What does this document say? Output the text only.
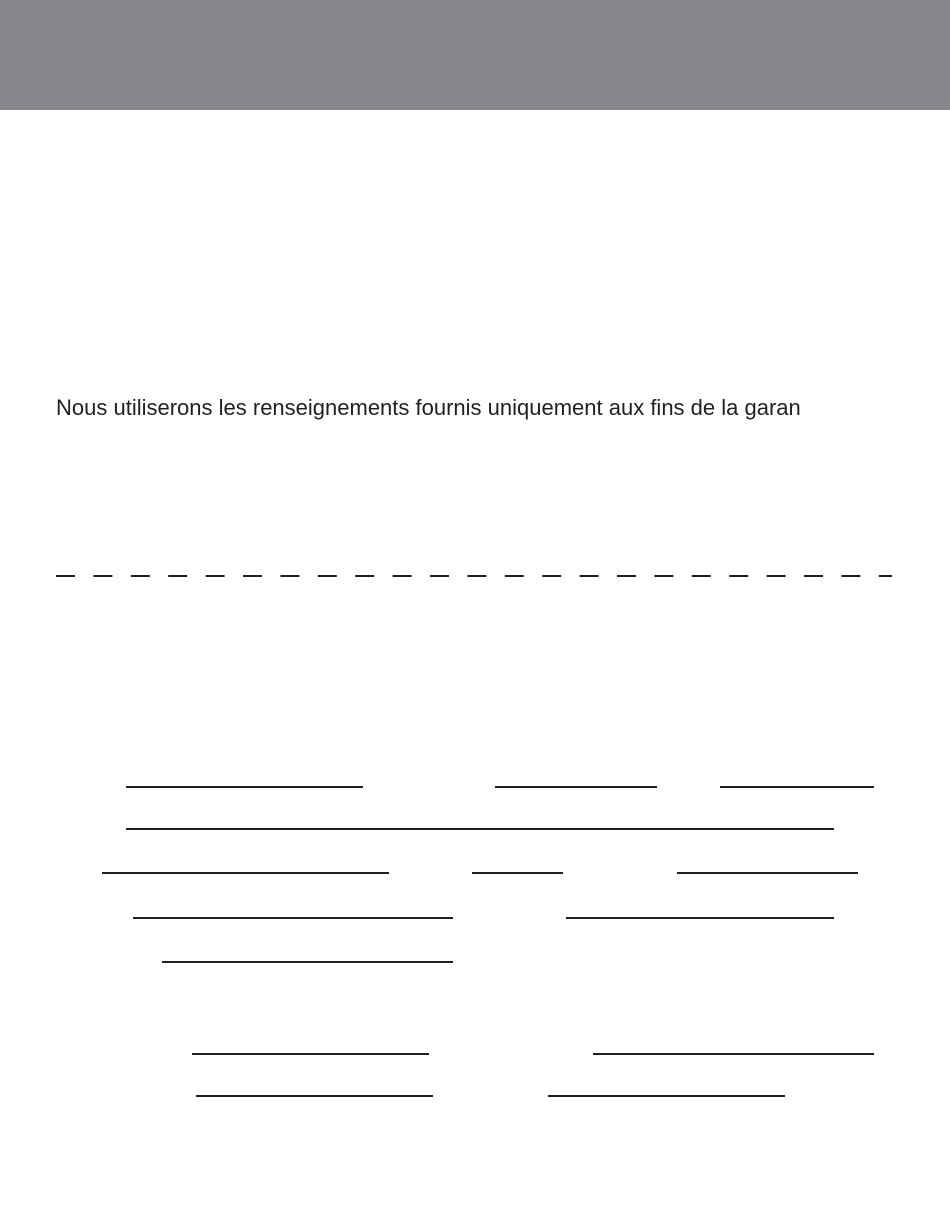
Nous utiliserons les renseignements fournis uniquement aux fins de la garan
